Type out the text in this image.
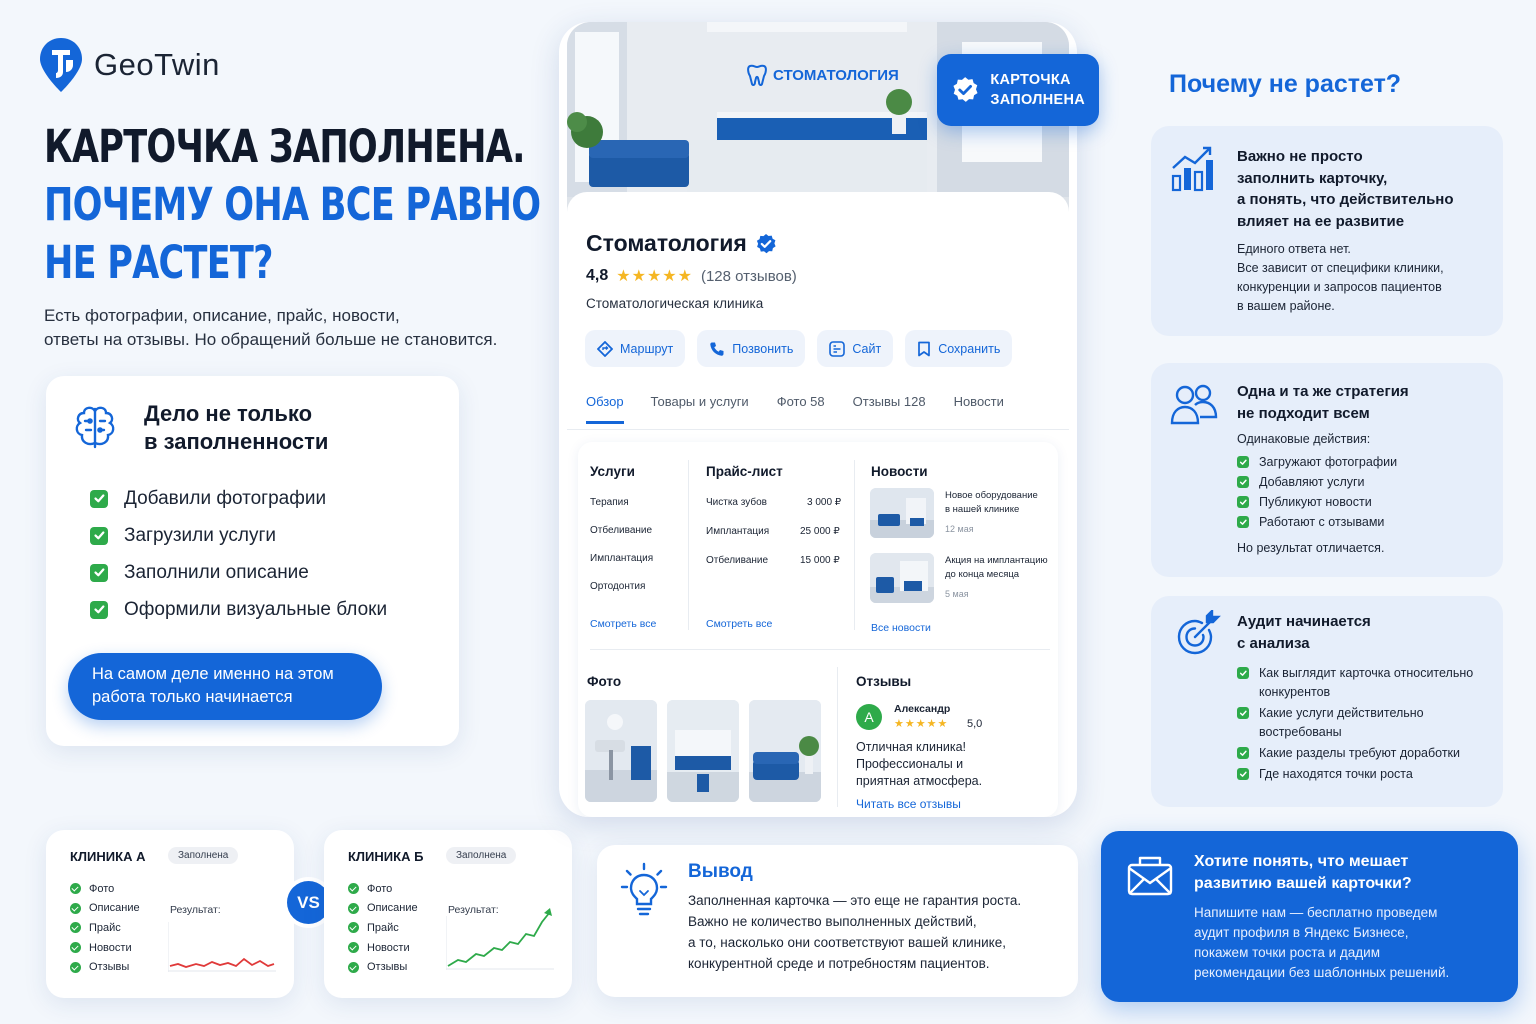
GeoTwin
КАРТОЧКА ЗАПОЛНЕНА.
ПОЧЕМУ ОНА ВСЕ РАВНО
НЕ РАСТЕТ?
Есть фотографии, описание, прайс, новости,
ответы на отзывы. Но обращений больше не становится.
Дело не только
в заполненности
Добавили фотографии
Загрузили услуги
Заполнили описание
Оформили визуальные блоки
На самом деле именно на этом
работа только начинается
КЛИНИКА А	Заполнена
Фото
Описание
Прайс
Новости
Отзывы
Результат:	VS
КЛИНИКА Б	Заполнена
Фото
Описание
Прайс
Новости
Отзывы
Результат:
СТОМАТОЛОГИЯ
Стоматология
4,8 ★★★★★ (128 отзывов)
Стоматологическая клиника
Маршрут	Позвонить	Сайт	Сохранить
Обзор Товары и услуги Фото 58 Отзывы 128 Новости
Услуги
Терапия
Отбеливание
Имплантация
Ортодонтия
Смотреть все
Прайс-лист
Чистка зубов	3 000 ₽
Имплантация	25 000 ₽
Отбеливание	15 000 ₽
Смотреть все
Новости
Новое оборудование
в нашей клинике
12 мая
Акция на имплантацию
до конца месяца
5 мая
Все новости
Фото	Отзывы
А	Александр
★★★★★ 5,0
Отличная клиника!
Профессионалы и
приятная атмосфера.
Читать все отзывы
КАРТОЧКА
ЗАПОЛНЕНА
Вывод
Заполненная карточка — это еще не гарантия роста.
Важно не количество выполненных действий,
а то, насколько они соответствуют вашей клинике,
конкурентной среде и потребностям пациентов.
Почему не растет?
Важно не просто
заполнить карточку,
а понять, что действительно
влияет на ее развитие
Единого ответа нет.
Все зависит от специфики клиники,
конкуренции и запросов пациентов
в вашем районе.
Одна и та же стратегия
не подходит всем
Одинаковые действия:
Загружают фотографии
Добавляют услуги
Публикуют новости
Работают с отзывами
Но результат отличается.
Аудит начинается
с анализа
Как выглядит карточка относительно
конкурентов
Какие услуги действительно
востребованы
Какие разделы требуют доработки
Где находятся точки роста
Хотите понять, что мешает
развитию вашей карточки?
Напишите нам — бесплатно проведем
аудит профиля в Яндекс Бизнесе,
покажем точки роста и дадим
рекомендации без шаблонных решений.
